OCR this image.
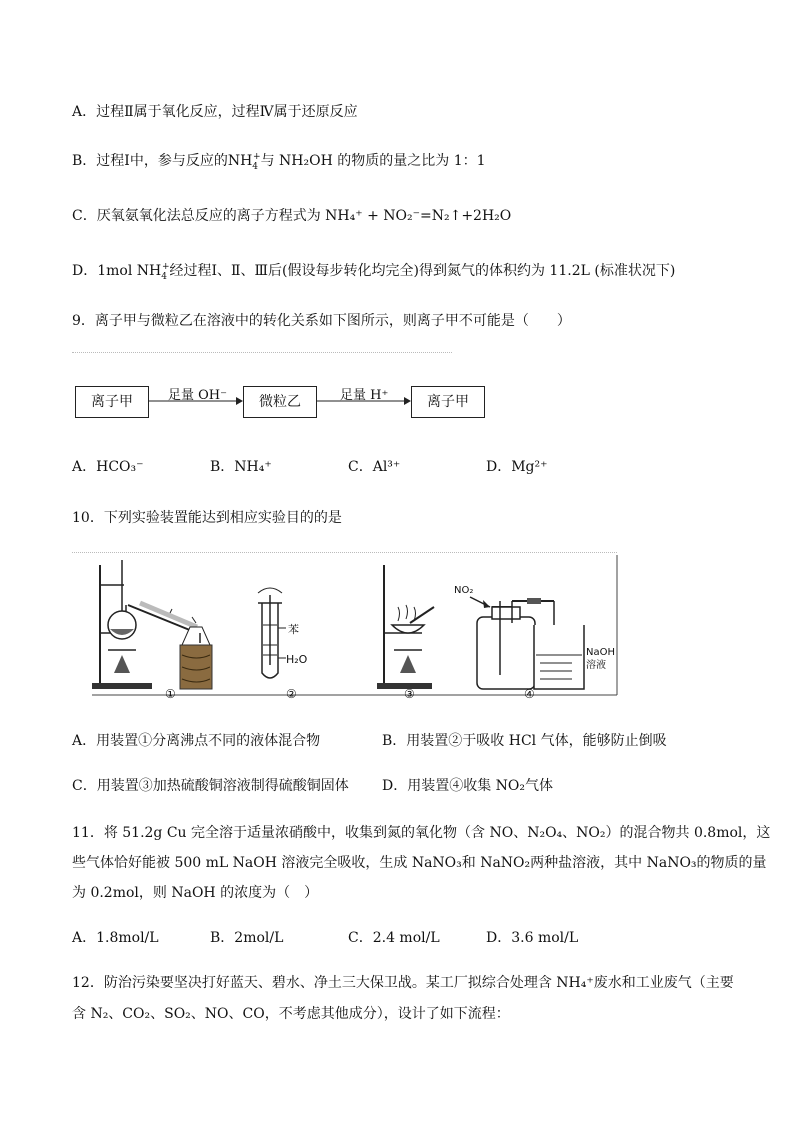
A．过程Ⅱ属于氧化反应，过程Ⅳ属于还原反应
B．过程Ⅰ中，参与反应的$NH_4^+$与 NH₂OH 的物质的量之比为 1：1
C．厌氧氨氧化法总反应的离子方程式为 NH₄⁺ + NO₂⁻=N₂↑+2H₂O
D．1mol $NH_4^+$经过程Ⅰ、Ⅱ、Ⅲ后(假设每步转化均完全)得到氮气的体积约为 11.2L (标准状况下)
9．离子甲与微粒乙在溶液中的转化关系如下图所示，则离子甲不可能是（　　）
离子甲	足量 OH⁻	微粒乙	足量 H⁺	离子甲
A．HCO₃⁻	B．NH₄⁺	C．Al³⁺	D．Mg²⁺
10．下列实验装置能达到相应实验目的的是
①
苯
H₂O
②	③
NO₂
NaOH
溶液
④
A．用装置①分离沸点不同的液体混合物	B．用装置②于吸收 HCl 气体，能够防止倒吸
C．用装置③加热硫酸铜溶液制得硫酸铜固体 D．用装置④收集 NO₂气体
11．将 51.2g Cu 完全溶于适量浓硝酸中，收集到氮的氧化物（含 NO、N₂O₄、NO₂）的混合物共 0.8mol，这
些气体恰好能被 500 mL NaOH 溶液完全吸收，生成 NaNO₃和 NaNO₂两种盐溶液，其中 NaNO₃的物质的量
为 0.2mol，则 NaOH 的浓度为（　）
A．1.8mol/L	B．2mol/L	C．2.4 mol/L	D．3.6 mol/L
12．防治污染要坚决打好蓝天、碧水、净土三大保卫战。某工厂拟综合处理含 NH₄⁺废水和工业废气（主要
含 N₂、CO₂、SO₂、NO、CO，不考虑其他成分），设计了如下流程：
